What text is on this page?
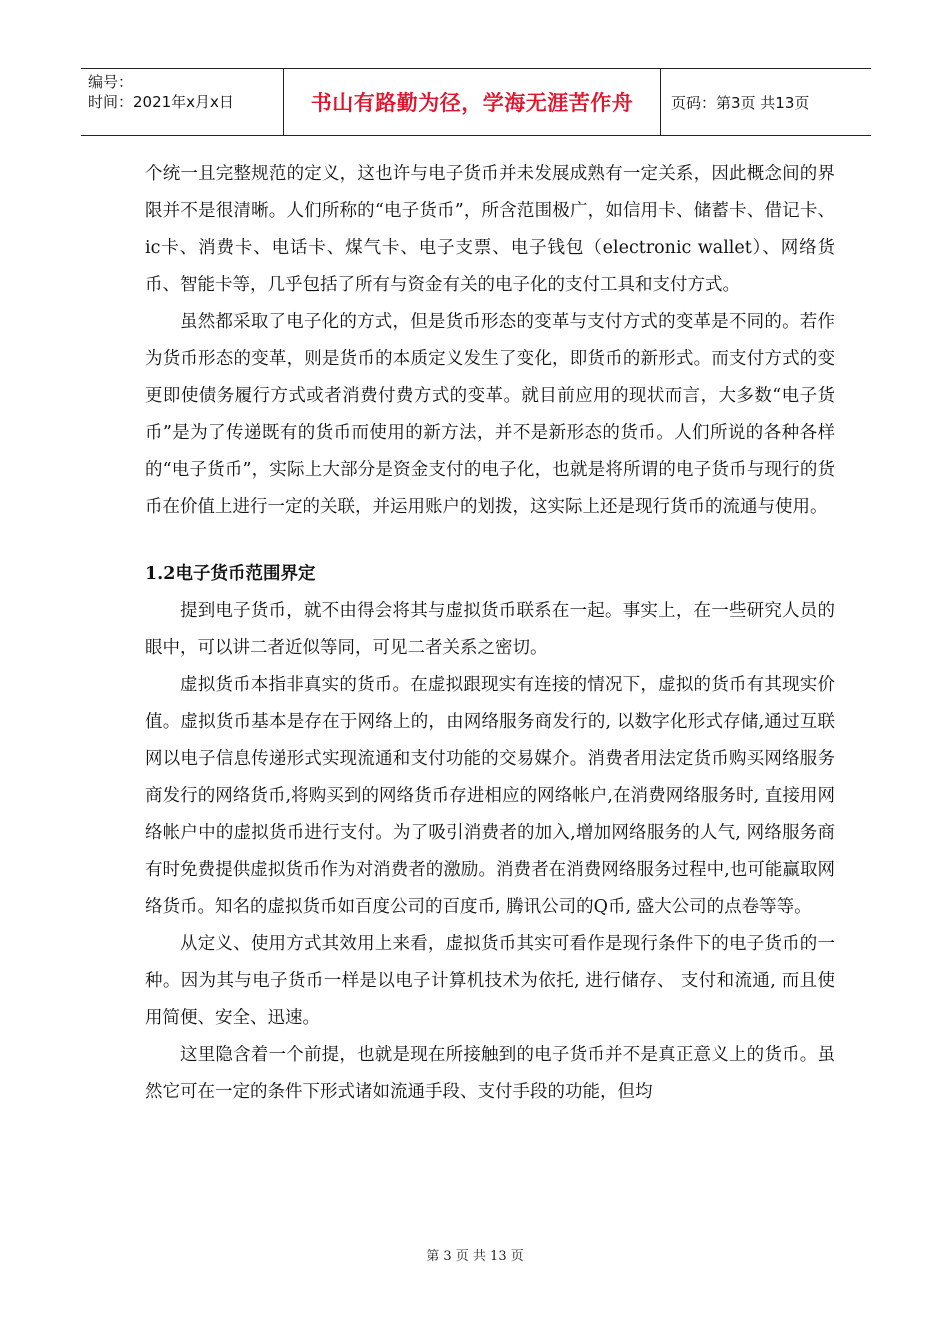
编号：
时间：2021年x月x日	书山有路勤为径，学海无涯苦作舟	页码：第3页 共13页

个统一且完整规范的定义，这也许与电子货币并未发展成熟有一定关系，因此概念间的界限并不是很清晰。人们所称的“电子货币”，所含范围极广，如信用卡、储蓄卡、借记卡、ic卡、消费卡、电话卡、煤气卡、电子支票、电子钱包（electronic wallet）、网络货币、智能卡等，几乎包括了所有与资金有关的电子化的支付工具和支付方式。

虽然都采取了电子化的方式，但是货币形态的变革与支付方式的变革是不同的。若作为货币形态的变革，则是货币的本质定义发生了变化，即货币的新形式。而支付方式的变更即使债务履行方式或者消费付费方式的变革。就目前应用的现状而言，大多数“电子货币”是为了传递既有的货币而使用的新方法，并不是新形态的货币。人们所说的各种各样的“电子货币”，实际上大部分是资金支付的电子化，也就是将所谓的电子货币与现行的货币在价值上进行一定的关联，并运用账户的划拨，这实际上还是现行货币的流通与使用。

1.2电子货币范围界定

提到电子货币，就不由得会将其与虚拟货币联系在一起。事实上，在一些研究人员的眼中，可以讲二者近似等同，可见二者关系之密切。

虚拟货币本指非真实的货币。在虚拟跟现实有连接的情况下，虚拟的货币有其现实价值。虚拟货币基本是存在于网络上的，由网络服务商发行的, 以数字化形式存储,通过互联网以电子信息传递形式实现流通和支付功能的交易媒介。消费者用法定货币购买网络服务商发行的网络货币,将购买到的网络货币存进相应的网络帐户,在消费网络服务时, 直接用网络帐户中的虚拟货币进行支付。为了吸引消费者的加入,增加网络服务的人气, 网络服务商有时免费提供虚拟货币作为对消费者的激励。消费者在消费网络服务过程中,也可能赢取网络货币。知名的虚拟货币如百度公司的百度币, 腾讯公司的Q币, 盛大公司的点卷等等。

从定义、使用方式其效用上来看，虚拟货币其实可看作是现行条件下的电子货币的一种。因为其与电子货币一样是以电子计算机技术为依托, 进行储存、 支付和流通, 而且使用简便、安全、迅速。

这里隐含着一个前提，也就是现在所接触到的电子货币并不是真正意义上的货币。虽然它可在一定的条件下形式诸如流通手段、支付手段的功能，但均

第 3 页 共 13 页
